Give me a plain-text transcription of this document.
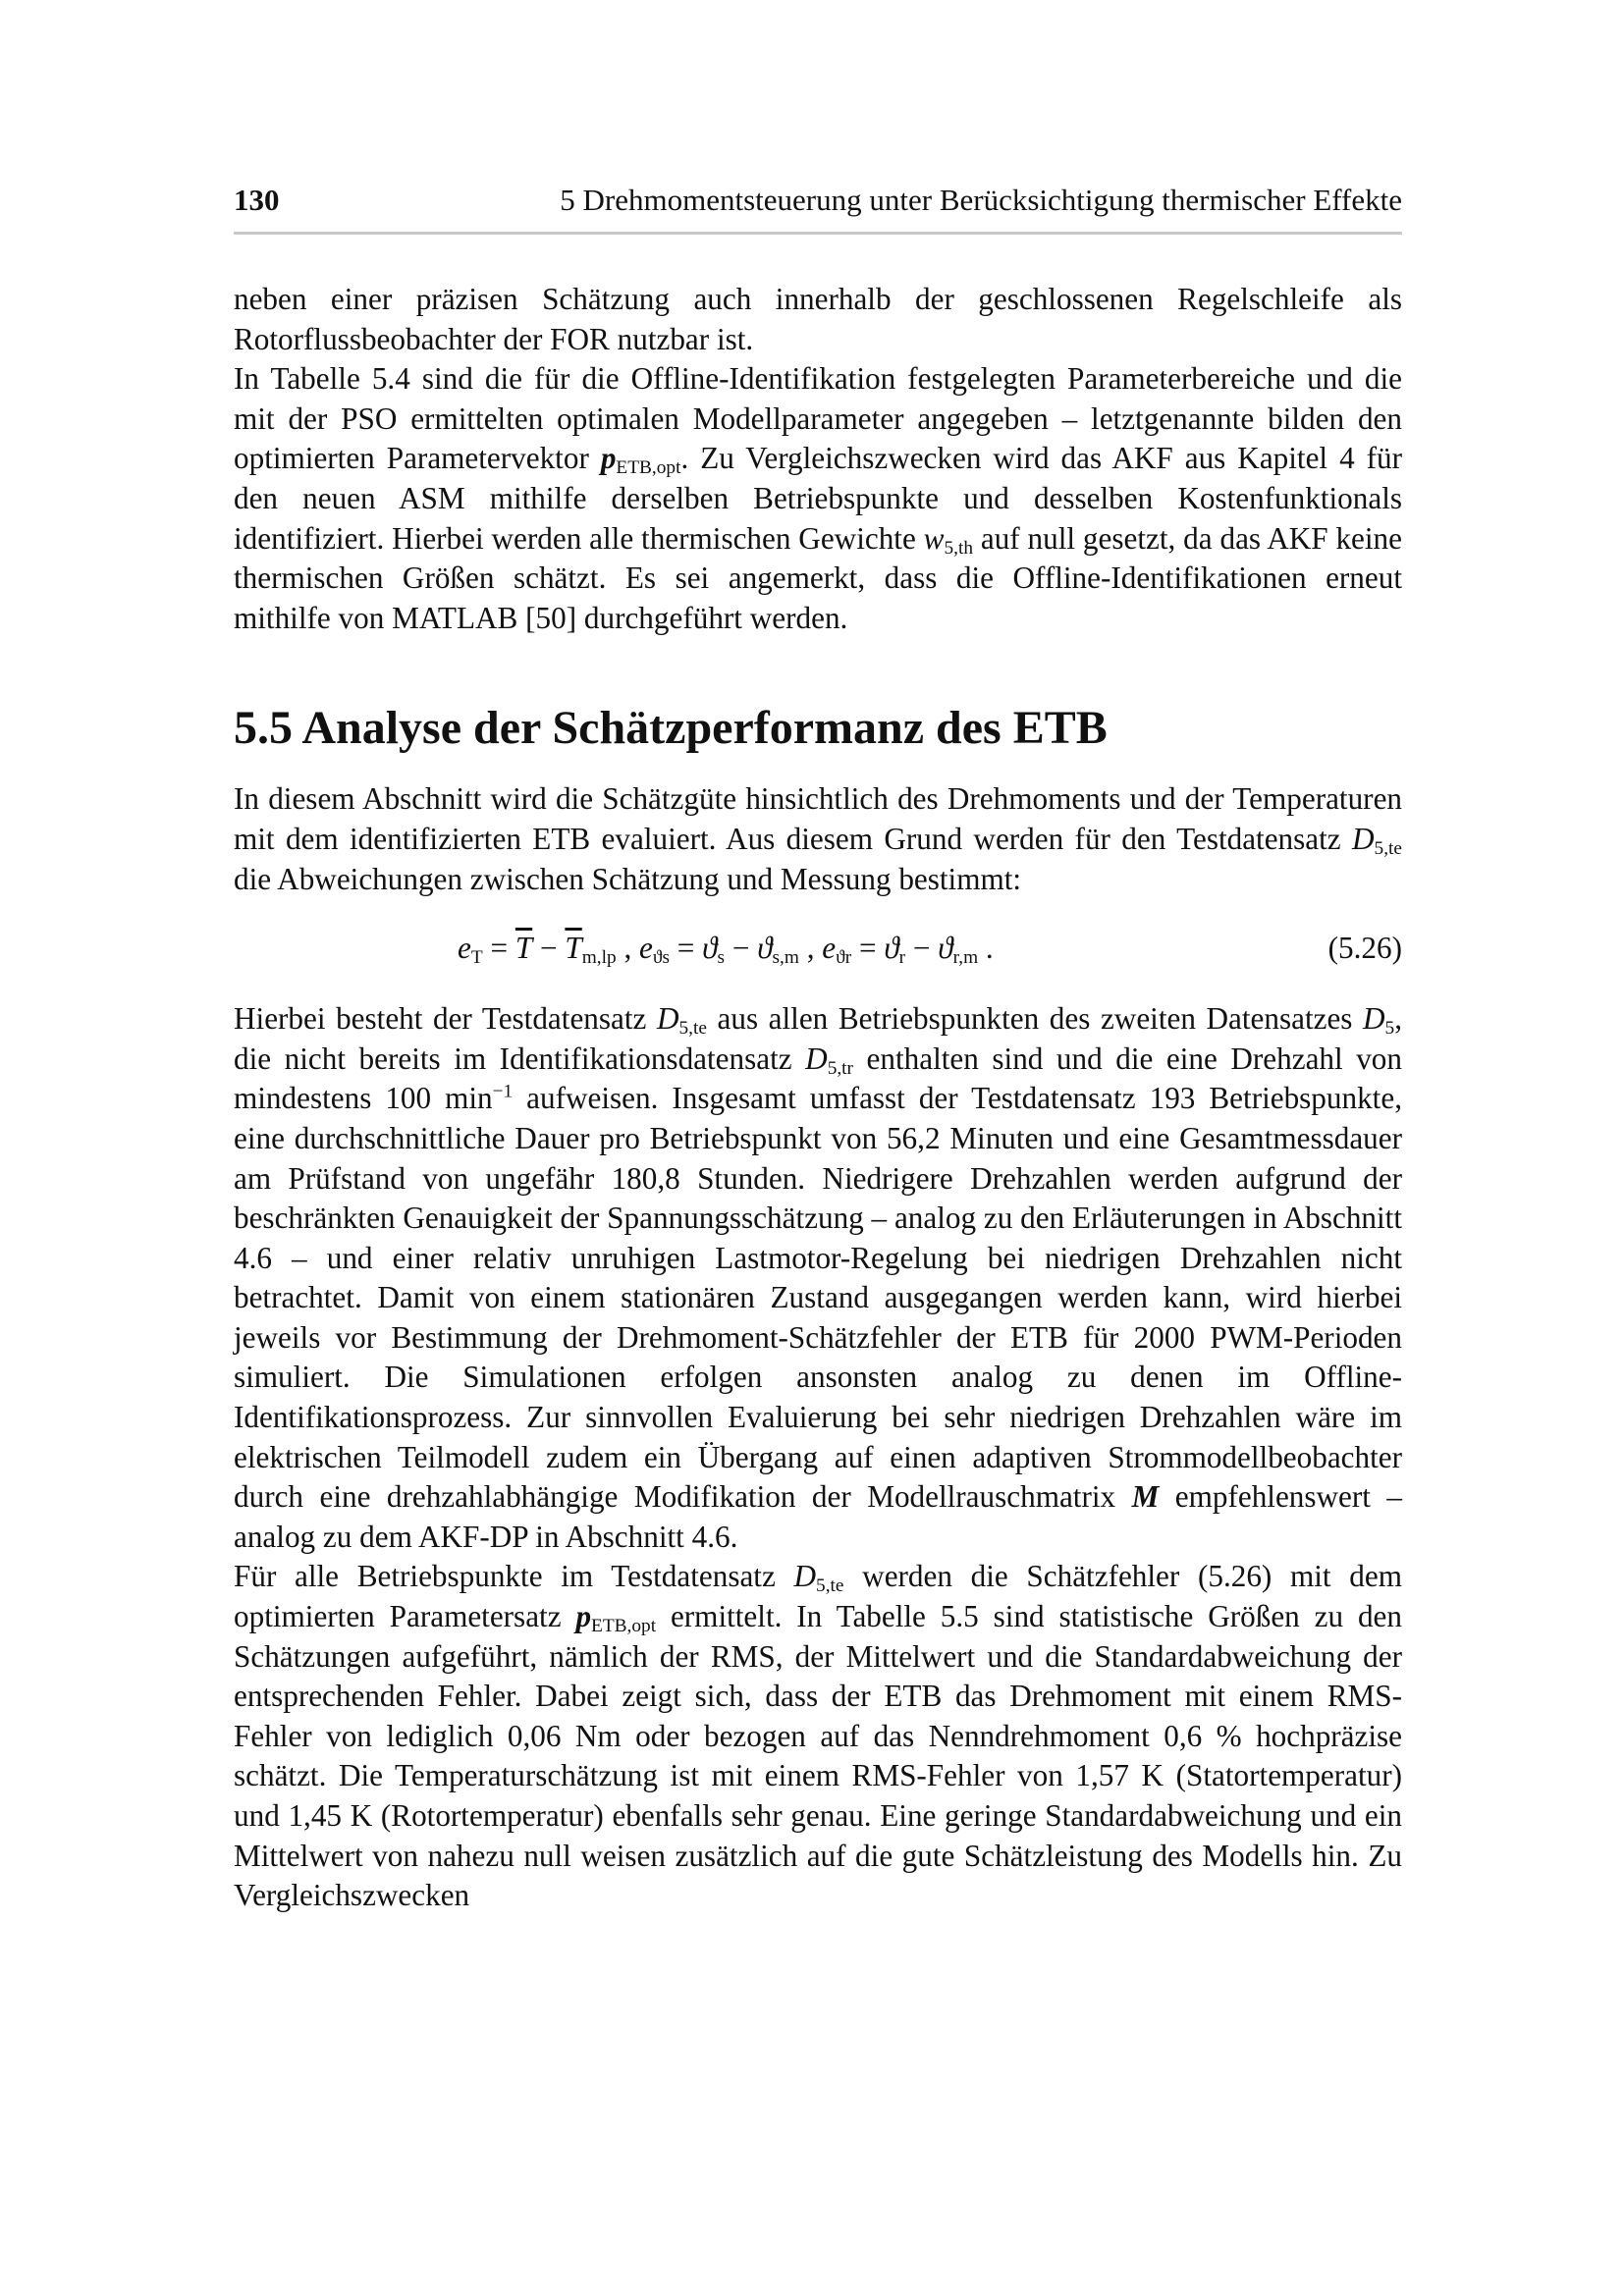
130	5 Drehmomentsteuerung unter Berücksichtigung thermischer Effekte

neben einer präzisen Schätzung auch innerhalb der geschlossenen Regelschleife als Rotorflussbeobachter der FOR nutzbar ist.

In Tabelle 5.4 sind die für die Offline-Identifikation festgelegten Parameterbereiche und die mit der PSO ermittelten optimalen Modellparameter angegeben – letztgenannte bilden den optimierten Parametervektor $p_{ETB,opt}$. Zu Vergleichszwecken wird das AKF aus Kapitel 4 für den neuen ASM mithilfe derselben Betriebspunkte und desselben Kostenfunktionals identifiziert. Hierbei werden alle thermischen Gewichte $w_{5,th}$ auf null gesetzt, da das AKF keine thermischen Größen schätzt. Es sei angemerkt, dass die Offline-Identifikationen erneut mithilfe von MATLAB [50] durchgeführt werden.

5.5 Analyse der Schätzperformanz des ETB

In diesem Abschnitt wird die Schätzgüte hinsichtlich des Drehmoments und der Temperaturen mit dem identifizierten ETB evaluiert. Aus diesem Grund werden für den Testdatensatz $D_{5,te}$ die Abweichungen zwischen Schätzung und Messung bestimmt:

$e_T = \overline{T} - \overline{T}_{m,lp}$ , $e_{ϑs} = ϑ_s - ϑ_{s,m}$ , $e_{ϑr} = ϑ_r - ϑ_{r,m}$ .	(5.26)

Hierbei besteht der Testdatensatz $D_{5,te}$ aus allen Betriebspunkten des zweiten Datensatzes $D_5$, die nicht bereits im Identifikationsdatensatz $D_{5,tr}$ enthalten sind und die eine Drehzahl von mindestens 100 $\min^{-1}$ aufweisen. Insgesamt umfasst der Testdatensatz 193 Betriebspunkte, eine durchschnittliche Dauer pro Betriebspunkt von 56,2 Minuten und eine Gesamtmessdauer am Prüfstand von ungefähr 180,8 Stunden. Niedrigere Drehzahlen werden aufgrund der beschränkten Genauigkeit der Spannungsschätzung – analog zu den Erläuterungen in Abschnitt 4.6 – und einer relativ unruhigen Lastmotor-Regelung bei niedrigen Drehzahlen nicht betrachtet. Damit von einem stationären Zustand ausgegangen werden kann, wird hierbei jeweils vor Bestimmung der Drehmoment-Schätzfehler der ETB für 2000 PWM-Perioden simuliert. Die Simulationen erfolgen ansonsten analog zu denen im Offline-Identifikationsprozess. Zur sinnvollen Evaluierung bei sehr niedrigen Drehzahlen wäre im elektrischen Teilmodell zudem ein Übergang auf einen adaptiven Strommodellbeobachter durch eine drehzahlabhängige Modifikation der Modellrauschmatrix M empfehlenswert – analog zu dem AKF-DP in Abschnitt 4.6.

Für alle Betriebspunkte im Testdatensatz $D_{5,te}$ werden die Schätzfehler (5.26) mit dem optimierten Parametersatz $p_{ETB,opt}$ ermittelt. In Tabelle 5.5 sind statistische Größen zu den Schätzungen aufgeführt, nämlich der RMS, der Mittelwert und die Standardabweichung der entsprechenden Fehler. Dabei zeigt sich, dass der ETB das Drehmoment mit einem RMS-Fehler von lediglich 0,06 Nm oder bezogen auf das Nenndrehmoment 0,6 % hochpräzise schätzt. Die Temperaturschätzung ist mit einem RMS-Fehler von 1,57 K (Statortemperatur) und 1,45 K (Rotortemperatur) ebenfalls sehr genau. Eine geringe Standardabweichung und ein Mittelwert von nahezu null weisen zusätzlich auf die gute Schätzleistung des Modells hin. Zu Vergleichszwecken
